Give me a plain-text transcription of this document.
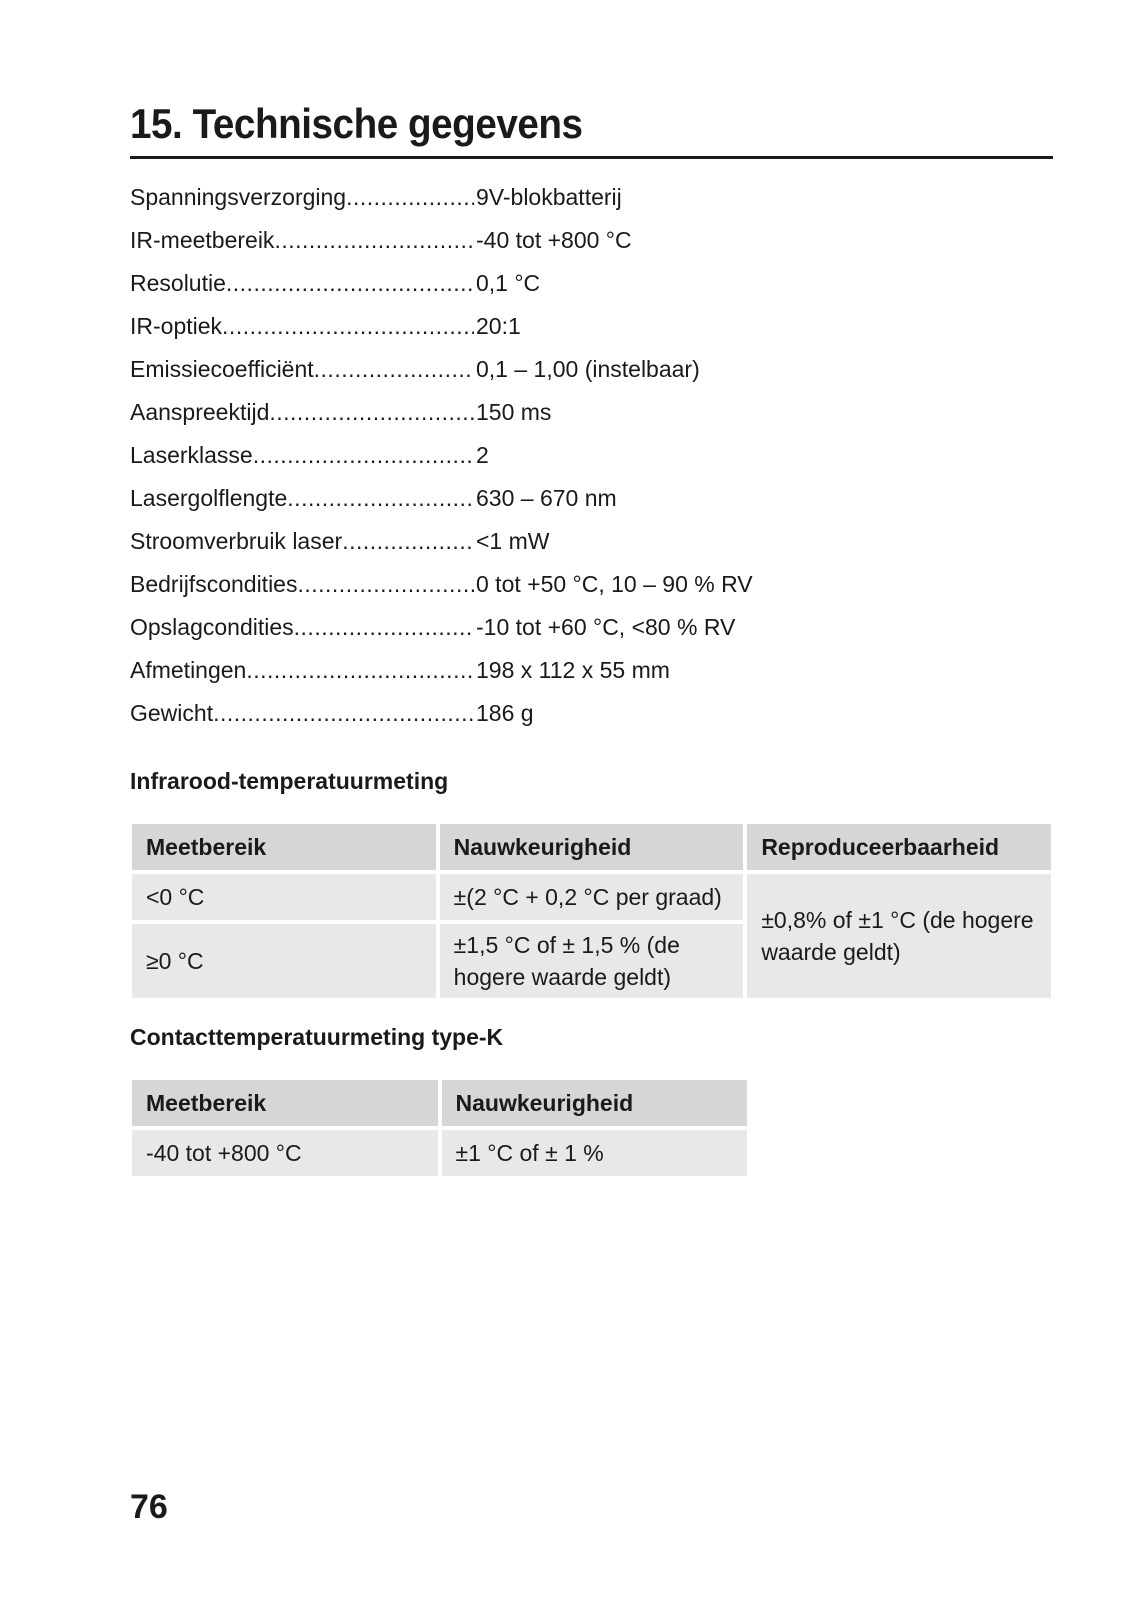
15. Technische gegevens
Spanningsverzorging .....	9V-blokbatterij
IR-meetbereik .....	-40 tot +800 °C
Resolutie .....	0,1 °C
IR-optiek .....	20:1
Emissiecoefficiënt .....	0,1 – 1,00 (instelbaar)
Aanspreektijd .....	150 ms
Laserklasse .....	2
Lasergolflengte .....	630 – 670 nm
Stroomverbruik laser .....	<1 mW
Bedrijfscondities .....	0 tot +50 °C, 10 – 90 % RV
Opslagcondities .....	-10 tot +60 °C, <80 % RV
Afmetingen .....	198 x 112 x 55 mm
Gewicht .....	186 g
Infrarood-temperatuurmeting
Meetbereik	Nauwkeurigheid	Reproduceerbaarheid
<0 °C	±(2 °C + 0,2 °C per graad)	±0,8% of ±1 °C (de hogere waarde geldt)
≥0 °C	±1,5 °C of ± 1,5 % (de hogere waarde geldt)	
Contacttemperatuurmeting type-K
Meetbereik	Nauwkeurigheid
-40 tot +800 °C	±1 °C of ± 1 %
76
